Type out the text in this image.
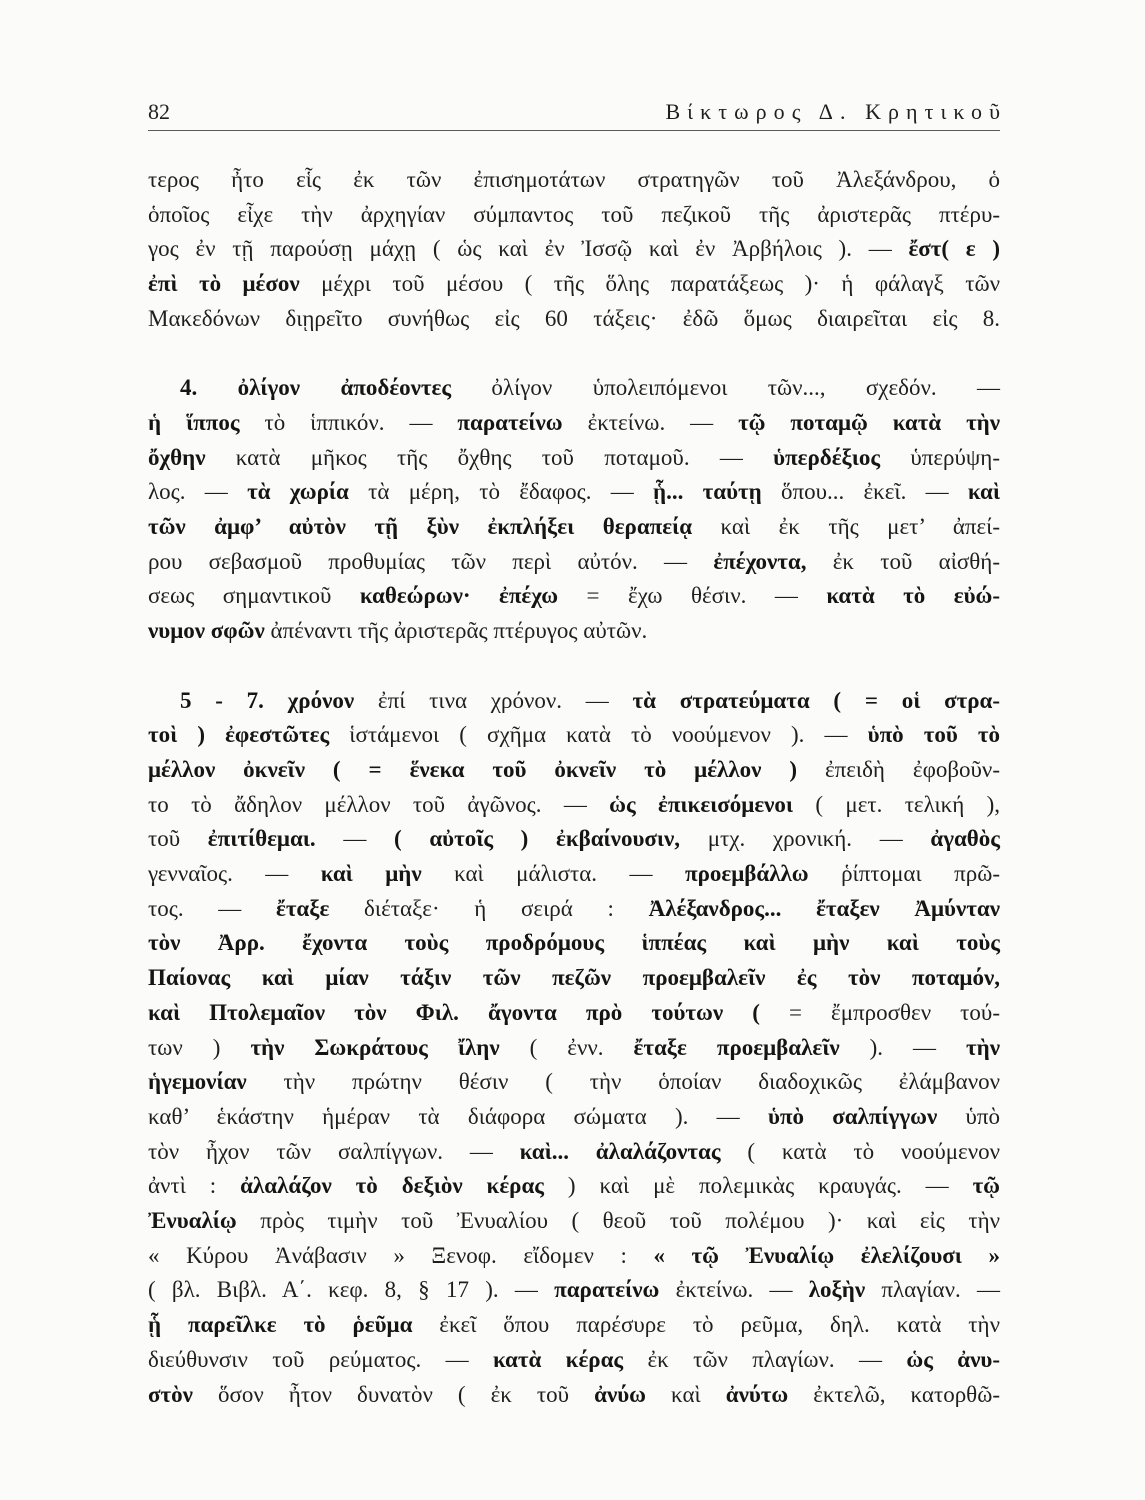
82	Βίκτωρος Δ. Κρητικοῦ
τερος ἦτο εἷς ἐκ τῶν ἐπισημοτάτων στρατηγῶν τοῦ Ἀλεξάνδρου, ὁ
ὁποῖος εἶχε τὴν ἀρχηγίαν σύμπαντος τοῦ πεζικοῦ τῆς ἀριστερᾶς πτέρυ-
γος ἐν τῇ παρούσῃ μάχῃ ( ὡς καὶ ἐν Ἰσσῷ καὶ ἐν Ἀρβήλοις ). — ἔστ( ε )
ἐπὶ τὸ μέσον μέχρι τοῦ μέσου ( τῆς ὅλης παρατάξεως )· ἡ φάλαγξ τῶν
Μακεδόνων διῃρεῖτο συνήθως εἰς 60 τάξεις· ἐδῶ ὅμως διαιρεῖται εἰς 8.
4. ὀλίγον ἀποδέοντες ὀλίγον ὑπολειπόμενοι τῶν..., σχεδόν. —
ἡ ἵππος τὸ ἱππικόν. — παρατείνω ἐκτείνω. — τῷ ποταμῷ κατὰ τὴν
ὄχθην κατὰ μῆκος τῆς ὄχθης τοῦ ποταμοῦ. — ὑπερδέξιος ὑπερύψη-
λος. — τὰ χωρία τὰ μέρη, τὸ ἔδαφος. — ᾗ... ταύτῃ ὅπου... ἐκεῖ. — καὶ
τῶν ἀμφ’ αὐτὸν τῇ ξὺν ἐκπλήξει θεραπείᾳ καὶ ἐκ τῆς μετ’ ἀπεί-
ρου σεβασμοῦ προθυμίας τῶν περὶ αὐτόν. — ἐπέχοντα, ἐκ τοῦ αἰσθή-
σεως σημαντικοῦ καθεώρων· ἐπέχω = ἔχω θέσιν. — κατὰ τὸ εὐώ-
νυμον σφῶν ἀπέναντι τῆς ἀριστερᾶς πτέρυγος αὐτῶν.
5 - 7. χρόνον ἐπί τινα χρόνον. — τὰ στρατεύματα ( = οἱ στρα-
τοὶ ) ἐφεστῶτες ἱστάμενοι ( σχῆμα κατὰ τὸ νοούμενον ). — ὑπὸ τοῦ τὸ
μέλλον ὀκνεῖν ( = ἕνεκα τοῦ ὀκνεῖν τὸ μέλλον ) ἐπειδὴ ἐφοβοῦν-
το τὸ ἄδηλον μέλλον τοῦ ἀγῶνος. — ὡς ἐπικεισόμενοι ( μετ. τελική ),
τοῦ ἐπιτίθεμαι. — ( αὐτοῖς ) ἐκβαίνουσιν, μτχ. χρονική. — ἀγαθὸς
γενναῖος. — καὶ μὴν καὶ μάλιστα. — προεμβάλλω ῥίπτομαι πρῶ-
τος. — ἔταξε διέταξε· ἡ σειρά : Ἀλέξανδρος... ἔταξεν Ἀμύνταν
τὸν Ἀρρ. ἔχοντα τοὺς προδρόμους ἱππέας καὶ μὴν καὶ τοὺς
Παίονας καὶ μίαν τάξιν τῶν πεζῶν προεμβαλεῖν ἐς τὸν ποταμόν,
καὶ Πτολεμαῖον τὸν Φιλ. ἄγοντα πρὸ τούτων ( = ἔμπροσθεν τού-
των ) τὴν Σωκράτους ἴλην ( ἐνν. ἔταξε προεμβαλεῖν ). — τὴν
ἡγεμονίαν τὴν πρώτην θέσιν ( τὴν ὁποίαν διαδοχικῶς ἐλάμβανον
καθ’ ἑκάστην ἡμέραν τὰ διάφορα σώματα ). — ὑπὸ σαλπίγγων ὑπὸ
τὸν ἦχον τῶν σαλπίγγων. — καὶ... ἀλαλάζοντας ( κατὰ τὸ νοούμενον
ἀντὶ : ἀλαλάζον τὸ δεξιὸν κέρας ) καὶ μὲ πολεμικὰς κραυγάς. — τῷ
Ἐνυαλίῳ πρὸς τιμὴν τοῦ Ἐνυαλίου ( θεοῦ τοῦ πολέμου )· καὶ εἰς τὴν
« Κύρου Ἀνάβασιν » Ξενοφ. εἴδομεν : « τῷ Ἐνυαλίῳ ἐλελίζουσι »
( βλ. Βιβλ. Α΄. κεφ. 8, § 17 ). — παρατείνω ἐκτείνω. — λοξὴν πλαγίαν. —
ᾗ παρεῖλκε τὸ ῥεῦμα ἐκεῖ ὅπου παρέσυρε τὸ ρεῦμα, δηλ. κατὰ τὴν
διεύθυνσιν τοῦ ρεύματος. — κατὰ κέρας ἐκ τῶν πλαγίων. — ὡς ἀνυ-
στὸν ὅσον ἦτον δυνατὸν ( ἐκ τοῦ ἀνύω καὶ ἀνύτω ἐκτελῶ, κατορθῶ-
